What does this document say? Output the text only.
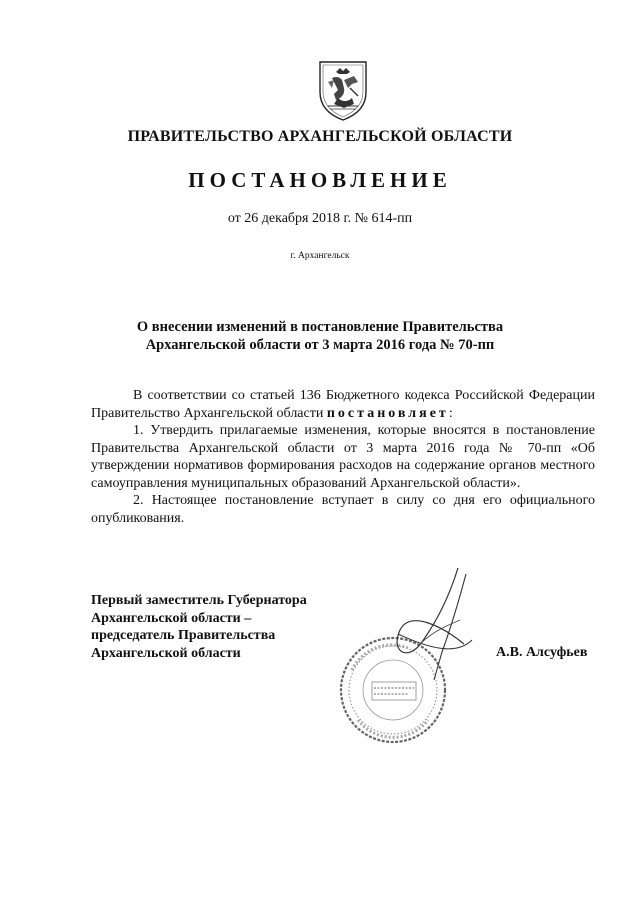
ПРАВИТЕЛЬСТВО АРХАНГЕЛЬСКОЙ ОБЛАСТИ
ПОСТАНОВЛЕНИЕ
от 26 декабря 2018 г. № 614-пп
г. Архангельск
О внесении изменений в постановление Правительства
Архангельской области от 3 марта 2016 года № 70-пп

В соответствии со статьей 136 Бюджетного кодекса Российской Федерации Правительство Архангельской области постановляет:

1. Утвердить прилагаемые изменения, которые вносятся в постановление Правительства Архангельской области от 3 марта 2016 года № 70-пп «Об утверждении нормативов формирования расходов на содержание органов местного самоуправления муниципальных образований Архангельской области».

2. Настоящее постановление вступает в силу со дня его официального опубликования.

Первый заместитель Губернатора
Архангельской области –
председатель Правительства
Архангельской области	А.В. Алсуфьев
